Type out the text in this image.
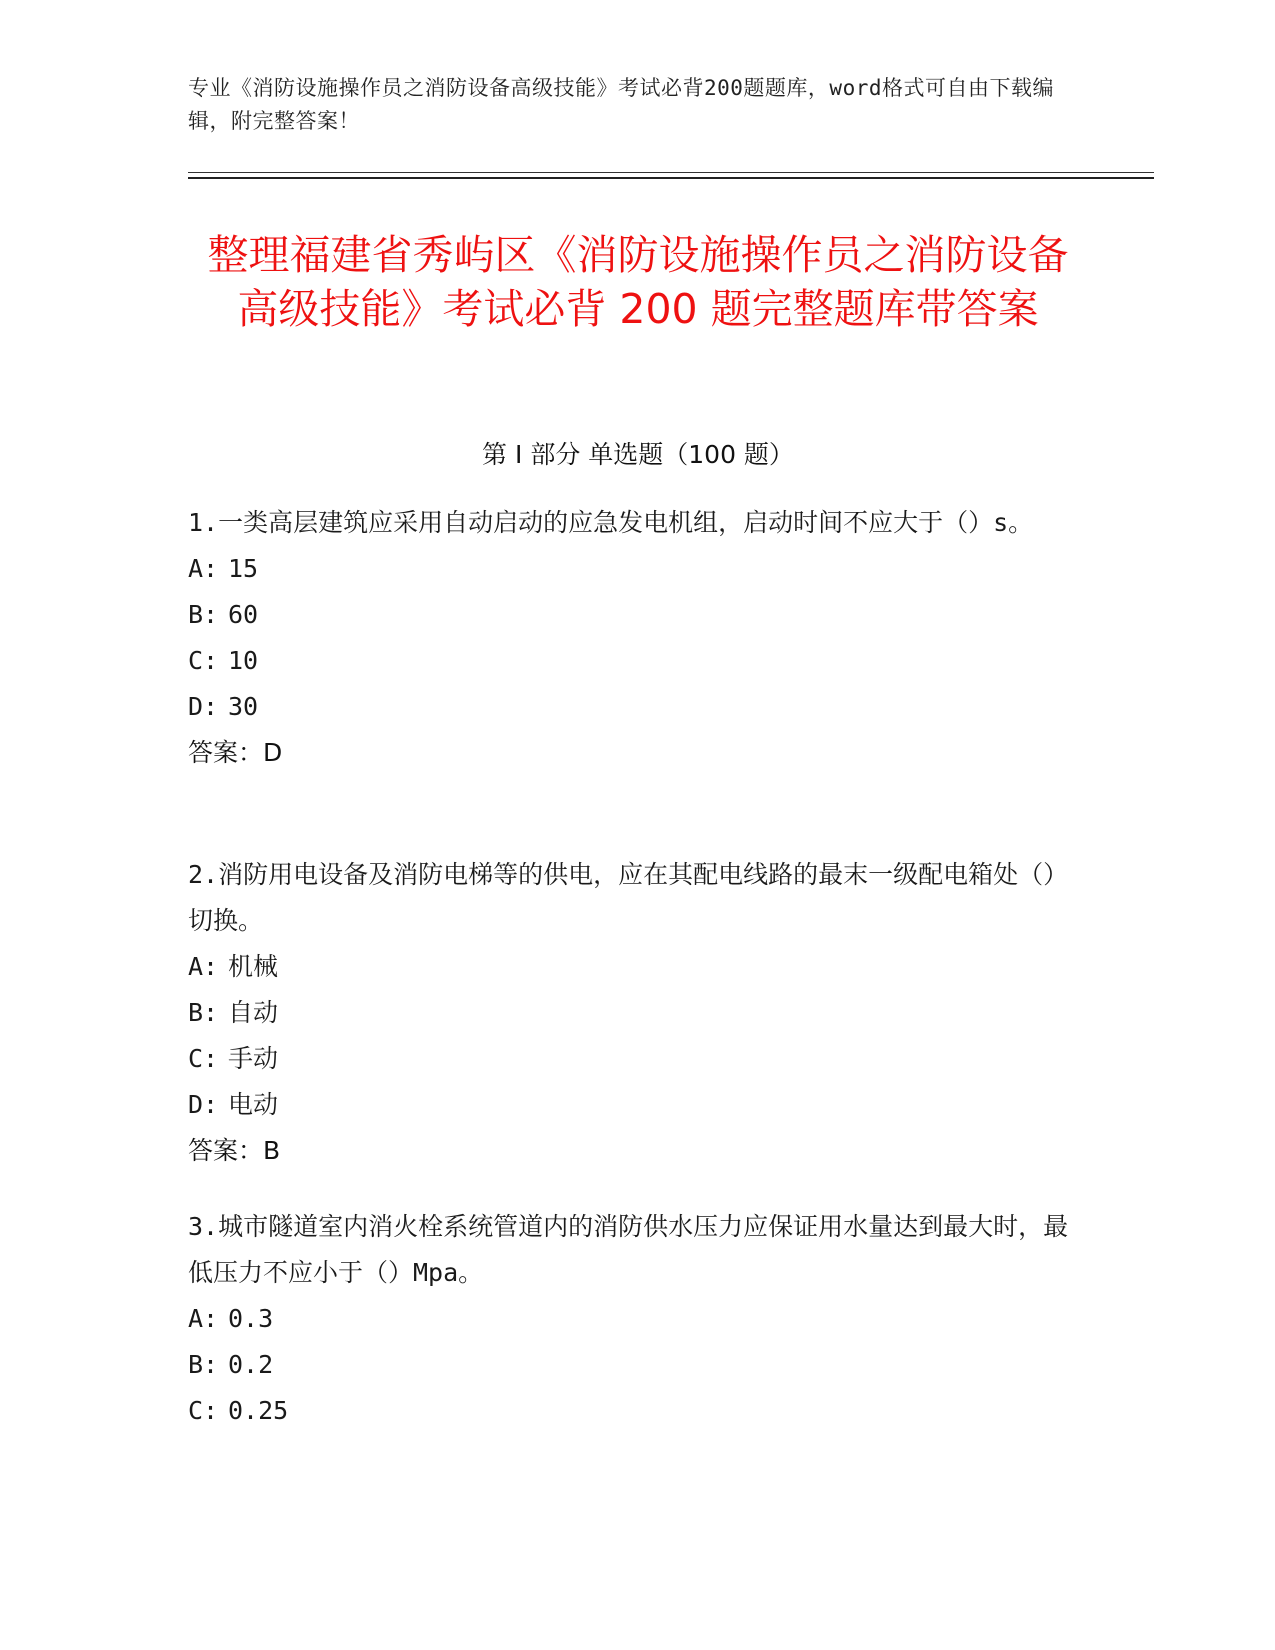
专业《消防设施操作员之消防设备高级技能》考试必背200题题库，word格式可自由下载编辑，附完整答案！
整理福建省秀屿区《消防设施操作员之消防设备高级技能》考试必背 200 题完整题库带答案
第 I 部分 单选题（100 题）
1.一类高层建筑应采用自动启动的应急发电机组，启动时间不应大于（）s。
A: 15
B: 60
C: 10
D: 30
答案：D
2.消防用电设备及消防电梯等的供电，应在其配电线路的最末一级配电箱处（）切换。
A: 机械
B: 自动
C: 手动
D: 电动
答案：B
3.城市隧道室内消火栓系统管道内的消防供水压力应保证用水量达到最大时，最低压力不应小于（）Mpa。
A: 0.3
B: 0.2
C: 0.25
